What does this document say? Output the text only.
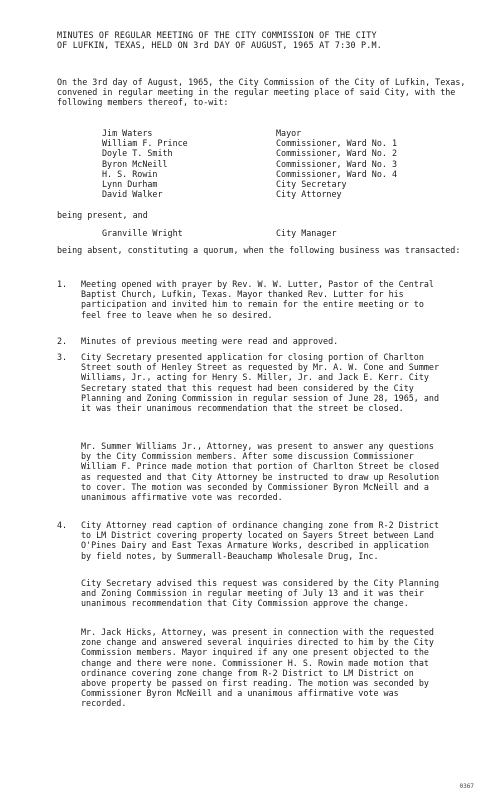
MINUTES OF REGULAR MEETING OF THE CITY COMMISSION OF THE CITY
OF LUFKIN, TEXAS, HELD ON 3rd DAY OF AUGUST, 1965 AT 7:30 P.M.

On the 3rd day of August, 1965, the City Commission of the City of Lufkin, Texas, convened in regular meeting in the regular meeting place of said City, with the following members thereof, to-wit:

Jim Waters	Mayor
William F. Prince	Commissioner, Ward No. 1
Doyle T. Smith	Commissioner, Ward No. 2
Byron McNeill	Commissioner, Ward No. 3
H. S. Rowin	Commissioner, Ward No. 4
Lynn Durham	City Secretary
David Walker	City Attorney
being present, and
Granville Wright	City Manager

being absent, constituting a quorum, when the following business was transacted:

1.	Meeting opened with prayer by Rev. W. W. Lutter, Pastor of the Central Baptist Church, Lufkin, Texas. Mayor thanked Rev. Lutter for his participation and invited him to remain for the entire meeting or to feel free to leave when he so desired.

2.	Minutes of previous meeting were read and approved.

3.	City Secretary presented application for closing portion of Charlton Street south of Henley Street as requested by Mr. A. W. Cone and Summer Williams, Jr., acting for Henry S. Miller, Jr. and Jack E. Kerr. City Secretary stated that this request had been considered by the City Planning and Zoning Commission in regular session of June 28, 1965, and it was their unanimous recommendation that the street be closed.

Mr. Summer Williams Jr., Attorney, was present to answer any questions by the City Commission members. After some discussion Commissioner William F. Prince made motion that portion of Charlton Street be closed as requested and that City Attorney be instructed to draw up Resolution to cover. The motion was seconded by Commissioner Byron McNeill and a unanimous affirmative vote was recorded.

4.	City Attorney read caption of ordinance changing zone from R-2 District to LM District covering property located on Sayers Street between Land O'Pines Dairy and East Texas Armature Works, described in application by field notes, by Summerall-Beauchamp Wholesale Drug, Inc.

City Secretary advised this request was considered by the City Planning and Zoning Commission in regular meeting of July 13 and it was their unanimous recommendation that City Commission approve the change.

Mr. Jack Hicks, Attorney, was present in connection with the requested zone change and answered several inquiries directed to him by the City Commission members. Mayor inquired if any one present objected to the change and there were none. Commissioner H. S. Rowin made motion that ordinance covering zone change from R-2 District to LM District on above property be passed on first reading. The motion was seconded by Commissioner Byron McNeill and a unanimous affirmative vote was recorded.

0367
